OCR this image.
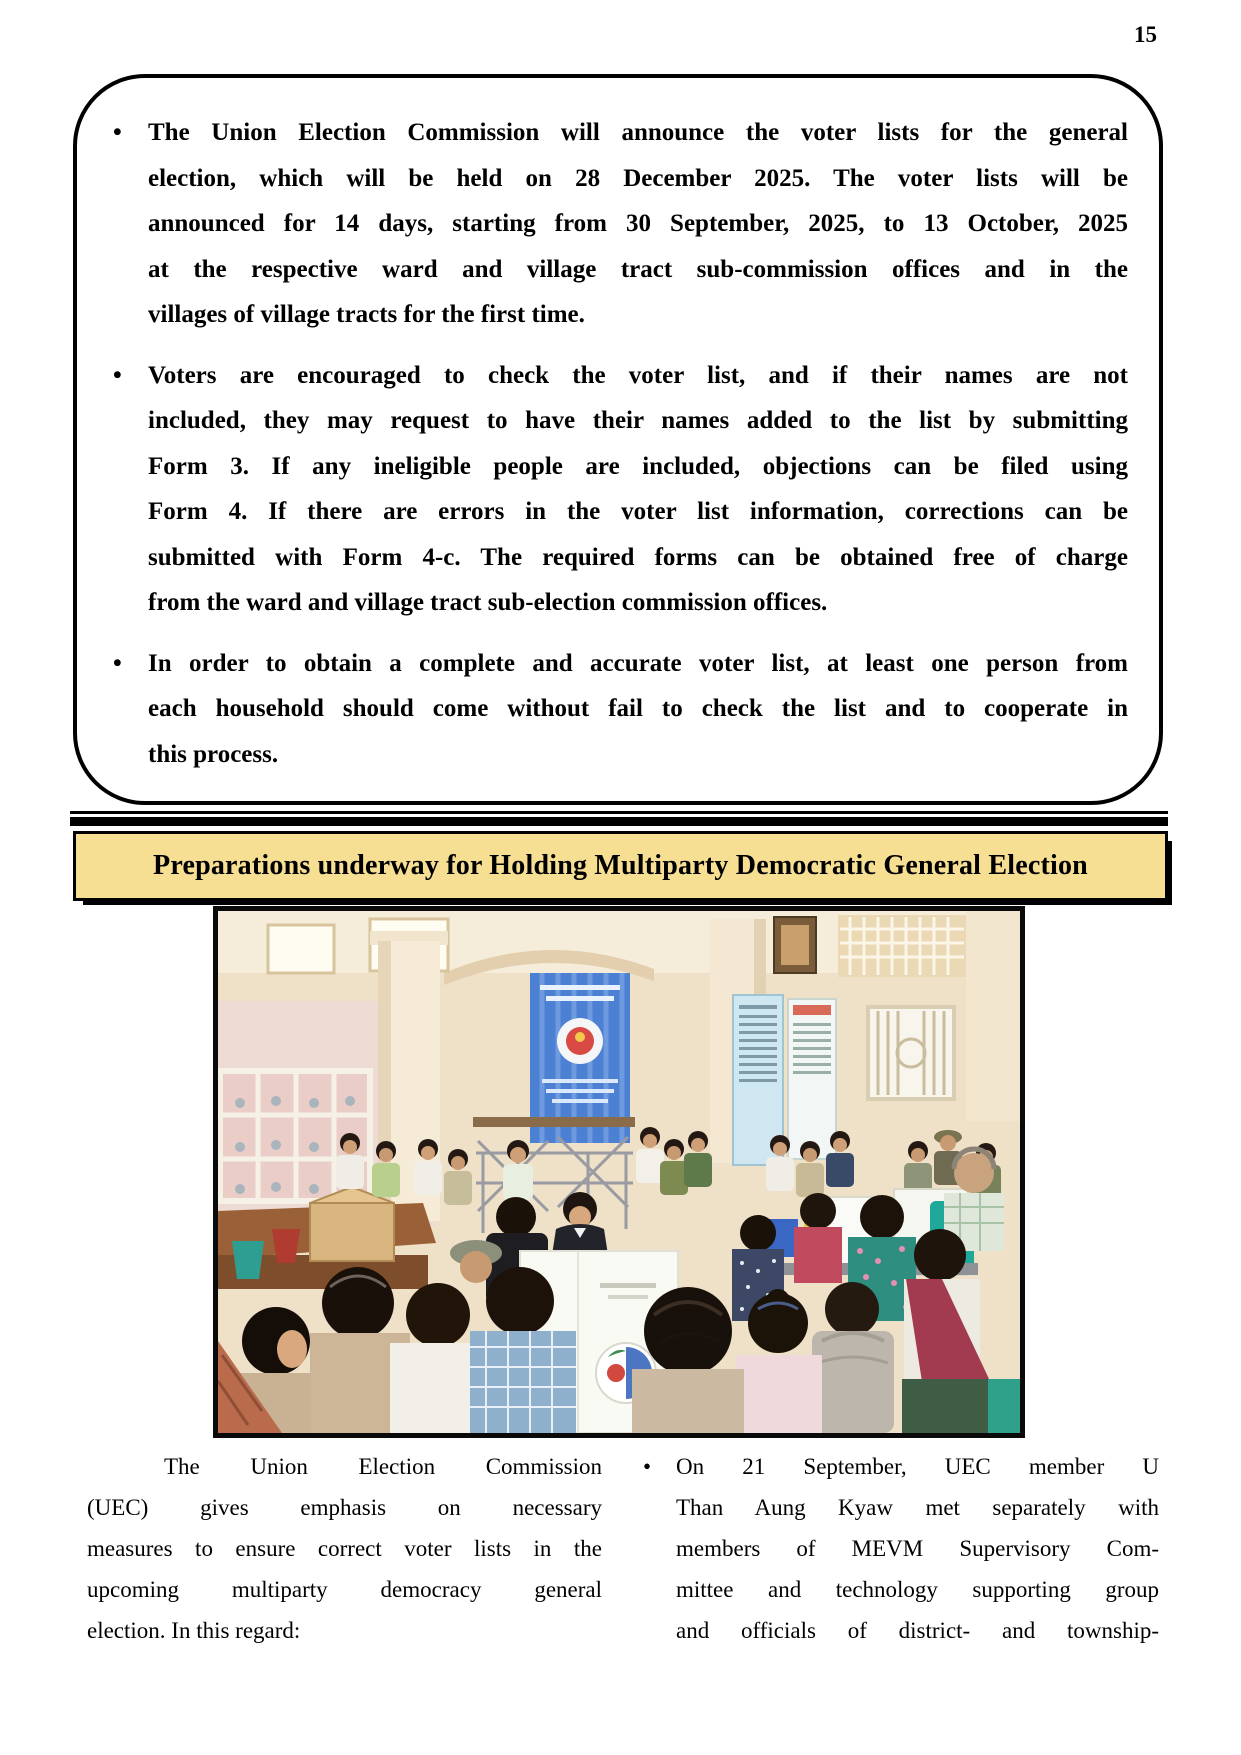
15
•	The Union Election Commission will announce the voter lists for the general
election, which will be held on 28 December 2025. The voter lists will be
announced for 14 days, starting from 30 September, 2025, to 13 October, 2025
at the respective ward and village tract sub-commission offices and in the
villages of village tracts for the first time.
•	Voters are encouraged to check the voter list, and if their names are not
included, they may request to have their names added to the list by submitting
Form 3. If any ineligible people are included, objections can be filed using
Form 4. If there are errors in the voter list information, corrections can be
submitted with Form 4-c. The required forms can be obtained free of charge
from the ward and village tract sub-election commission offices.
•	In order to obtain a complete and accurate voter list, at least one person from
each household should come without fail to check the list and to cooperate in
this process.
Preparations underway for Holding Multiparty Democratic General Election
The Union Election Commission
(UEC) gives emphasis on necessary
measures to ensure correct voter lists in the
upcoming multiparty democracy general
election. In this regard:
• On 21 September, UEC member U
Than Aung Kyaw met separately with
members of MEVM Supervisory Com-
mittee and technology supporting group
and officials of district- and township-
